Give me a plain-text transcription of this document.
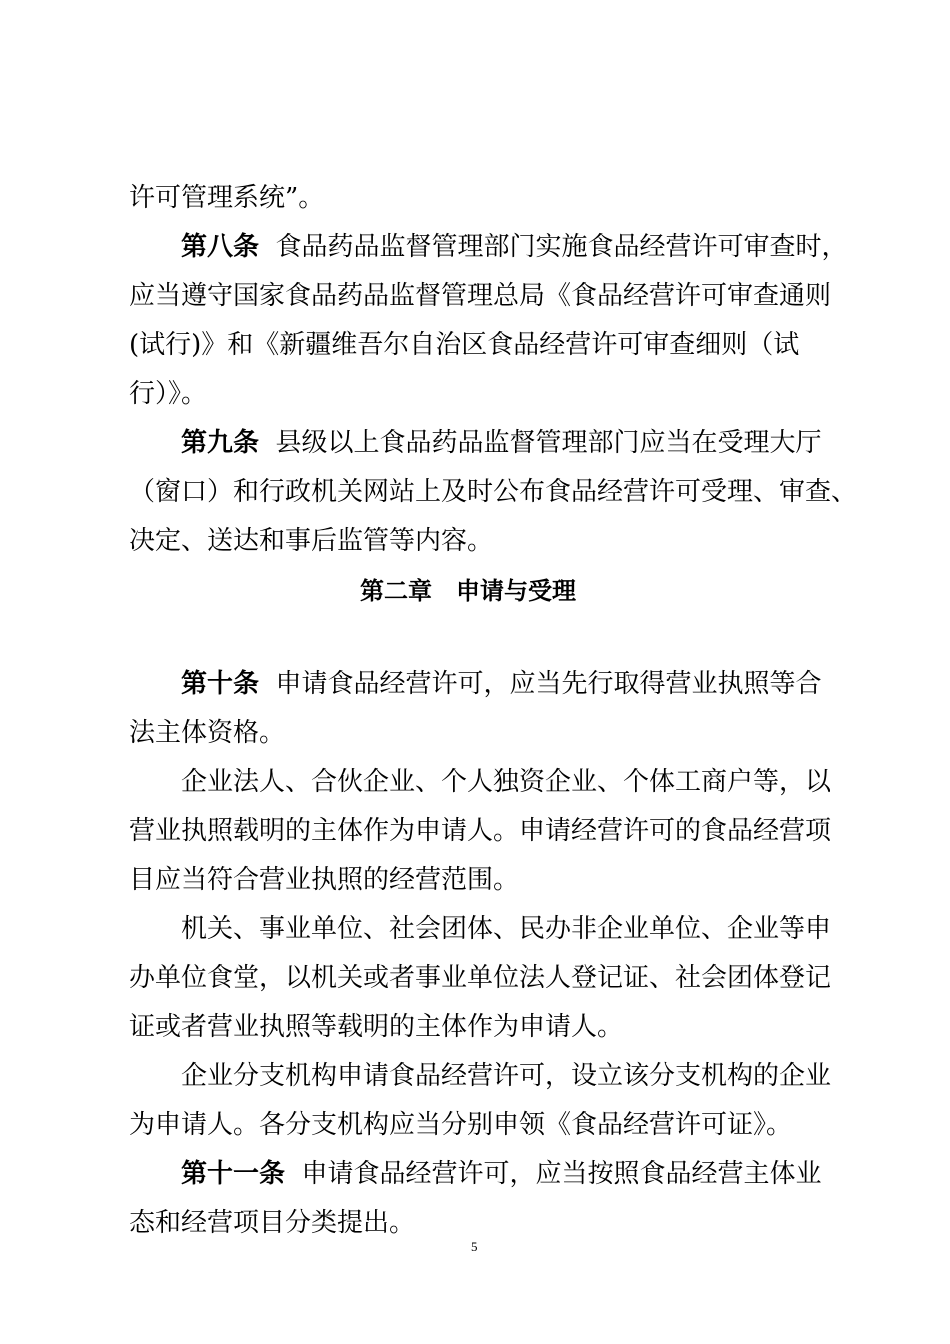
许可管理系统”。
第八条 食品药品监督管理部门实施食品经营许可审查时，
应当遵守国家食品药品监督管理总局《食品经营许可审查通则
(试行)》和《新疆维吾尔自治区食品经营许可审查细则（试
行）》。
第九条 县级以上食品药品监督管理部门应当在受理大厅
（窗口）和行政机关网站上及时公布食品经营许可受理、审查、
决定、送达和事后监管等内容。
第二章　申请与受理
第十条 申请食品经营许可，应当先行取得营业执照等合
法主体资格。
企业法人、合伙企业、个人独资企业、个体工商户等，以
营业执照载明的主体作为申请人。申请经营许可的食品经营项
目应当符合营业执照的经营范围。
机关、事业单位、社会团体、民办非企业单位、企业等申
办单位食堂，以机关或者事业单位法人登记证、社会团体登记
证或者营业执照等载明的主体作为申请人。
企业分支机构申请食品经营许可，设立该分支机构的企业
为申请人。各分支机构应当分别申领《食品经营许可证》。
第十一条 申请食品经营许可，应当按照食品经营主体业
态和经营项目分类提出。
5
